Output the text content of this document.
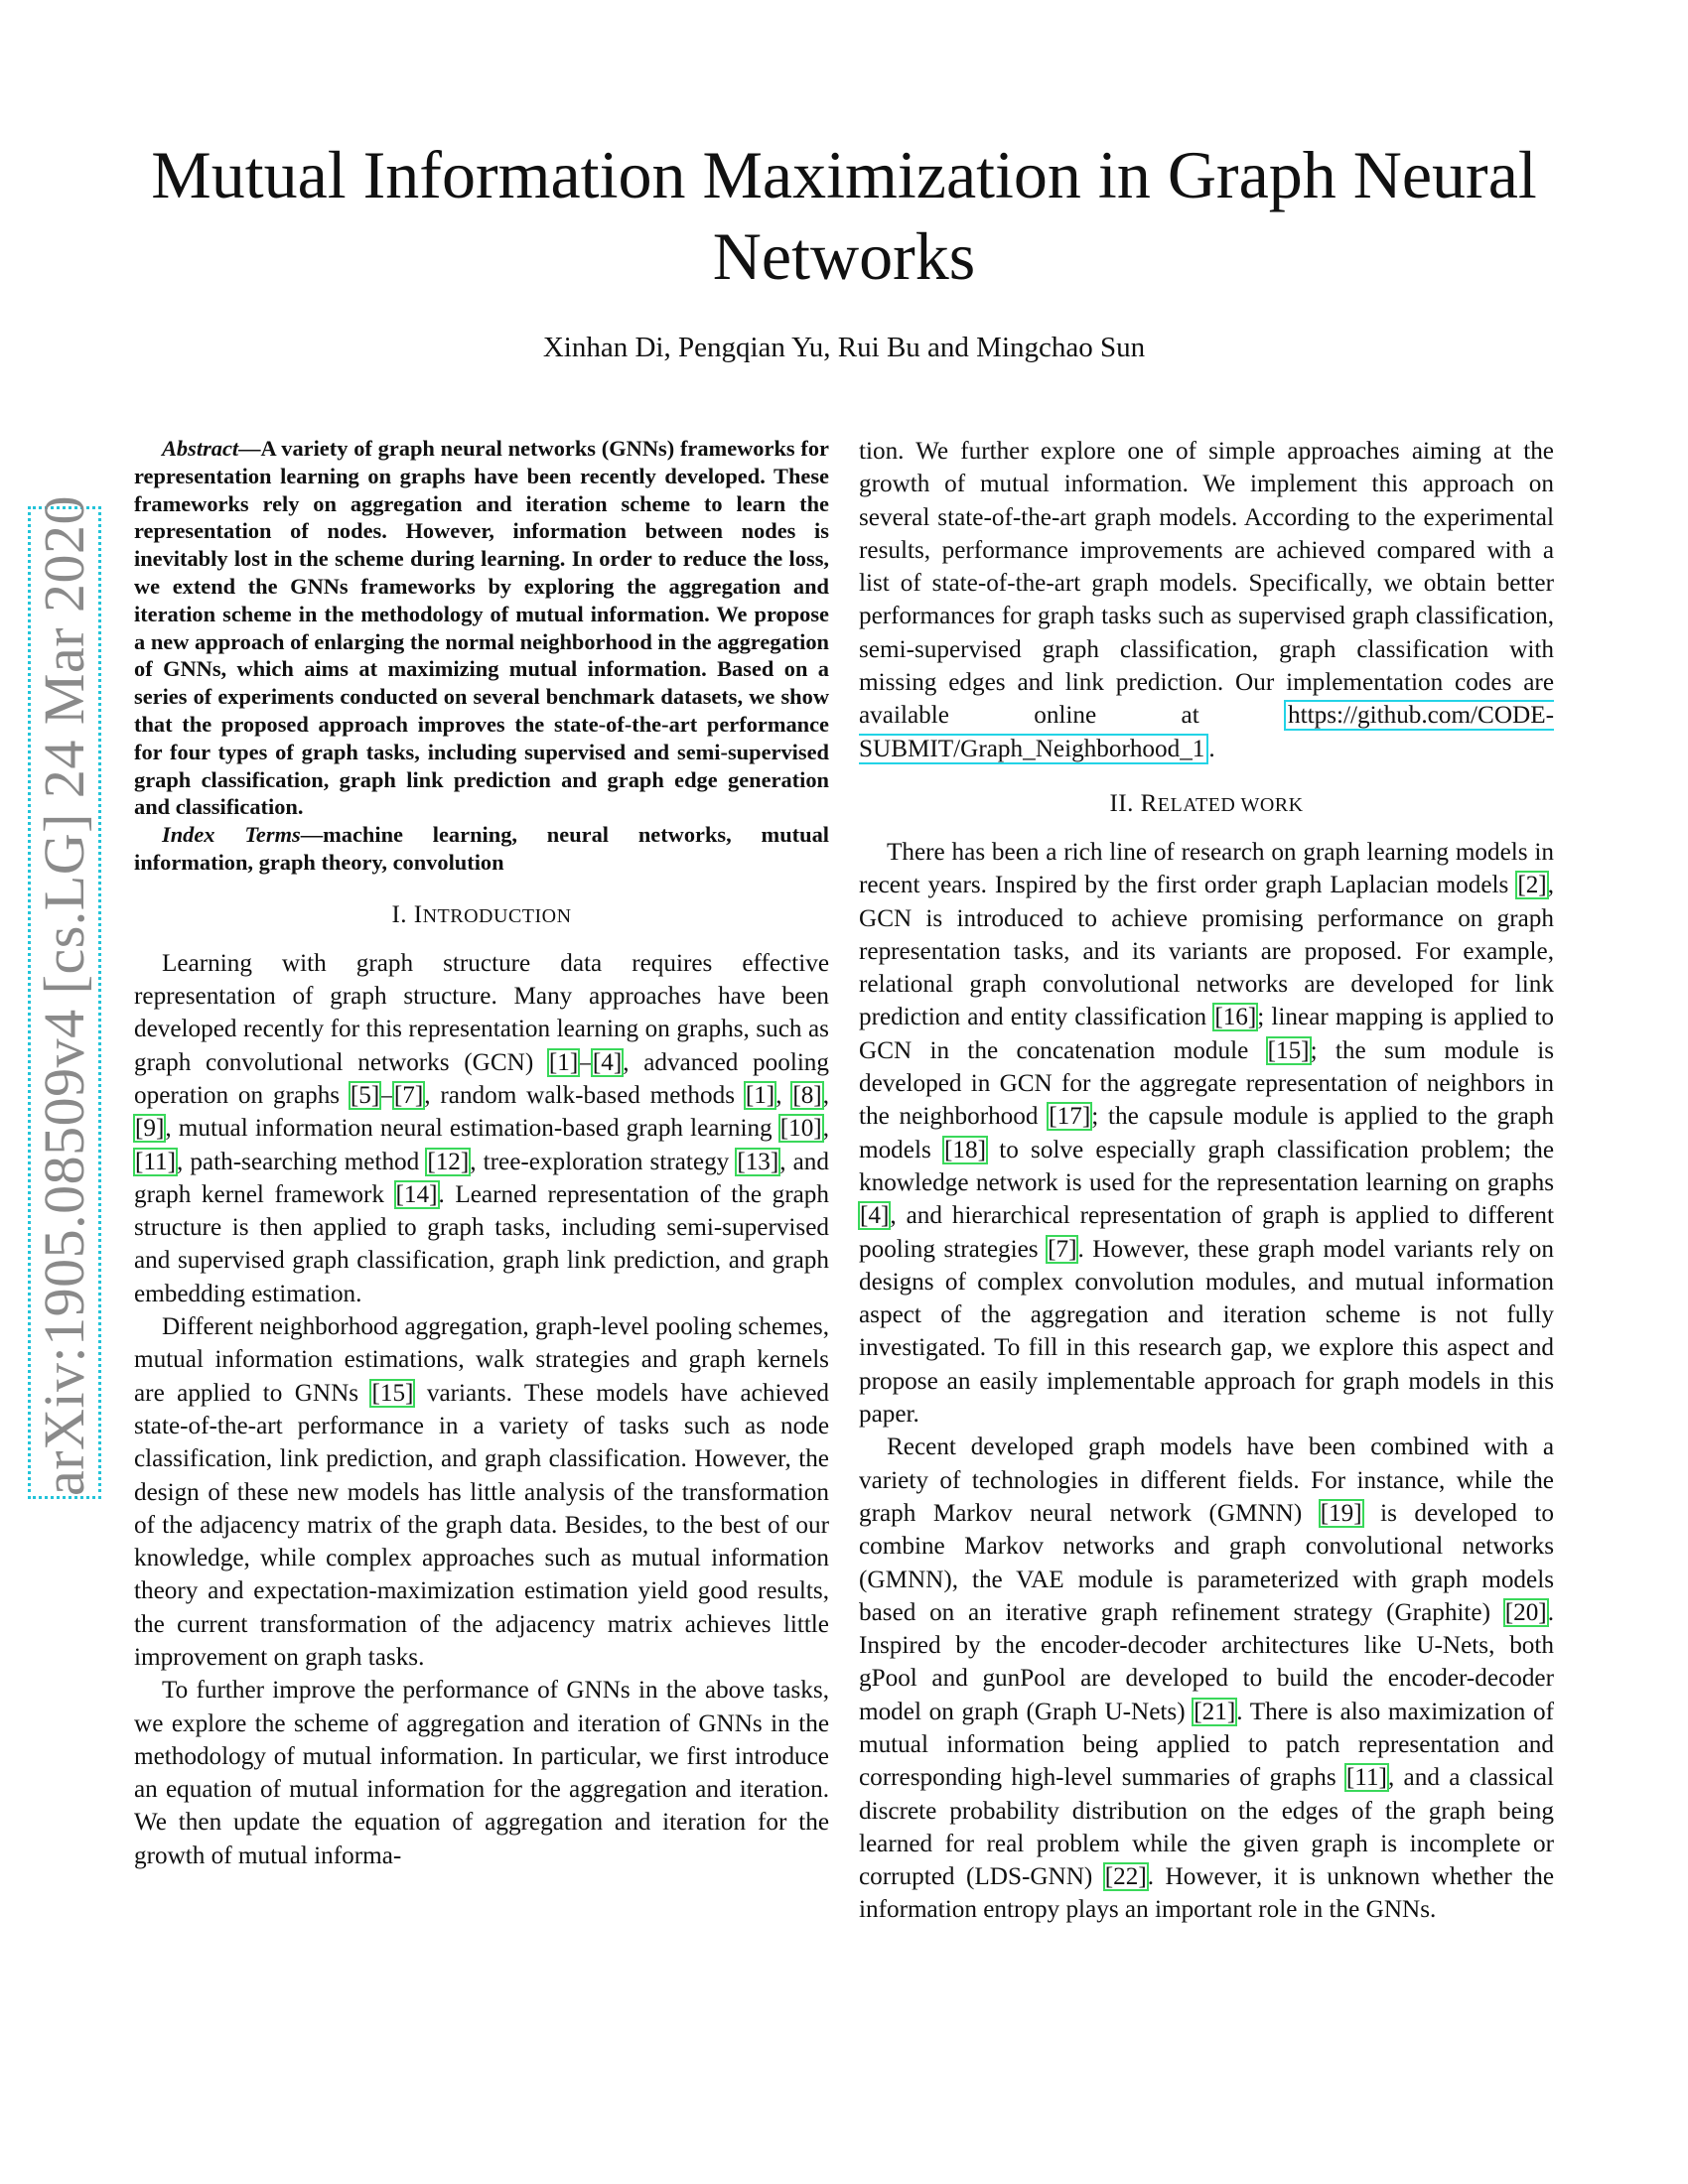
arXiv:1905.08509v4 [cs.LG] 24 Mar 2020
Mutual Information Maximization in Graph Neural Networks
Xinhan Di, Pengqian Yu, Rui Bu and Mingchao Sun

Abstract—A variety of graph neural networks (GNNs) frameworks for representation learning on graphs have been recently developed. These frameworks rely on aggregation and iteration scheme to learn the representation of nodes. However, information between nodes is inevitably lost in the scheme during learning. In order to reduce the loss, we extend the GNNs frameworks by exploring the aggregation and iteration scheme in the methodology of mutual information. We propose a new approach of enlarging the normal neighborhood in the aggregation of GNNs, which aims at maximizing mutual information. Based on a series of experiments conducted on several benchmark datasets, we show that the proposed approach improves the state-of-the-art performance for four types of graph tasks, including supervised and semi-supervised graph classification, graph link prediction and graph edge generation and classification.

Index Terms—machine learning, neural networks, mutual information, graph theory, convolution

I. INTRODUCTION

Learning with graph structure data requires effective representation of graph structure. Many approaches have been developed recently for this representation learning on graphs, such as graph convolutional networks (GCN) [1]–[4], advanced pooling operation on graphs [5]–[7], random walk-based methods [1], [8], [9], mutual information neural estimation-based graph learning [10], [11], path-searching method [12], tree-exploration strategy [13], and graph kernel framework [14]. Learned representation of the graph structure is then applied to graph tasks, including semi-supervised and supervised graph classification, graph link prediction, and graph embedding estimation.

Different neighborhood aggregation, graph-level pooling schemes, mutual information estimations, walk strategies and graph kernels are applied to GNNs [15] variants. These models have achieved state-of-the-art performance in a variety of tasks such as node classification, link prediction, and graph classification. However, the design of these new models has little analysis of the transformation of the adjacency matrix of the graph data. Besides, to the best of our knowledge, while complex approaches such as mutual information theory and expectation-maximization estimation yield good results, the current transformation of the adjacency matrix achieves little improvement on graph tasks.

To further improve the performance of GNNs in the above tasks, we explore the scheme of aggregation and iteration of GNNs in the methodology of mutual information. In particular, we first introduce an equation of mutual information for the aggregation and iteration. We then update the equation of aggregation and iteration for the growth of mutual informa-

tion. We further explore one of simple approaches aiming at the growth of mutual information. We implement this approach on several state-of-the-art graph models. According to the experimental results, performance improvements are achieved compared with a list of state-of-the-art graph models. Specifically, we obtain better performances for graph tasks such as supervised graph classification, semi-supervised graph classification, graph classification with missing edges and link prediction. Our implementation codes are available online at https://github.com/CODE-SUBMIT/Graph_Neighborhood_1 .

II. RELATED WORK

There has been a rich line of research on graph learning models in recent years. Inspired by the first order graph Laplacian models [2], GCN is introduced to achieve promising performance on graph representation tasks, and its variants are proposed. For example, relational graph convolutional networks are developed for link prediction and entity classification [16]; linear mapping is applied to GCN in the concatenation module [15]; the sum module is developed in GCN for the aggregate representation of neighbors in the neighborhood [17]; the capsule module is applied to the graph models [18] to solve especially graph classification problem; the knowledge network is used for the representation learning on graphs [4], and hierarchical representation of graph is applied to different pooling strategies [7]. However, these graph model variants rely on designs of complex convolution modules, and mutual information aspect of the aggregation and iteration scheme is not fully investigated. To fill in this research gap, we explore this aspect and propose an easily implementable approach for graph models in this paper.

Recent developed graph models have been combined with a variety of technologies in different fields. For instance, while the graph Markov neural network (GMNN) [19] is developed to combine Markov networks and graph convolutional networks (GMNN), the VAE module is parameterized with graph models based on an iterative graph refinement strategy (Graphite) [20]. Inspired by the encoder-decoder architectures like U-Nets, both gPool and gunPool are developed to build the encoder-decoder model on graph (Graph U-Nets) [21]. There is also maximization of mutual information being applied to patch representation and corresponding high-level summaries of graphs [11], and a classical discrete probability distribution on the edges of the graph being learned for real problem while the given graph is incomplete or corrupted (LDS-GNN) [22]. However, it is unknown whether the information entropy plays an important role in the GNNs.
